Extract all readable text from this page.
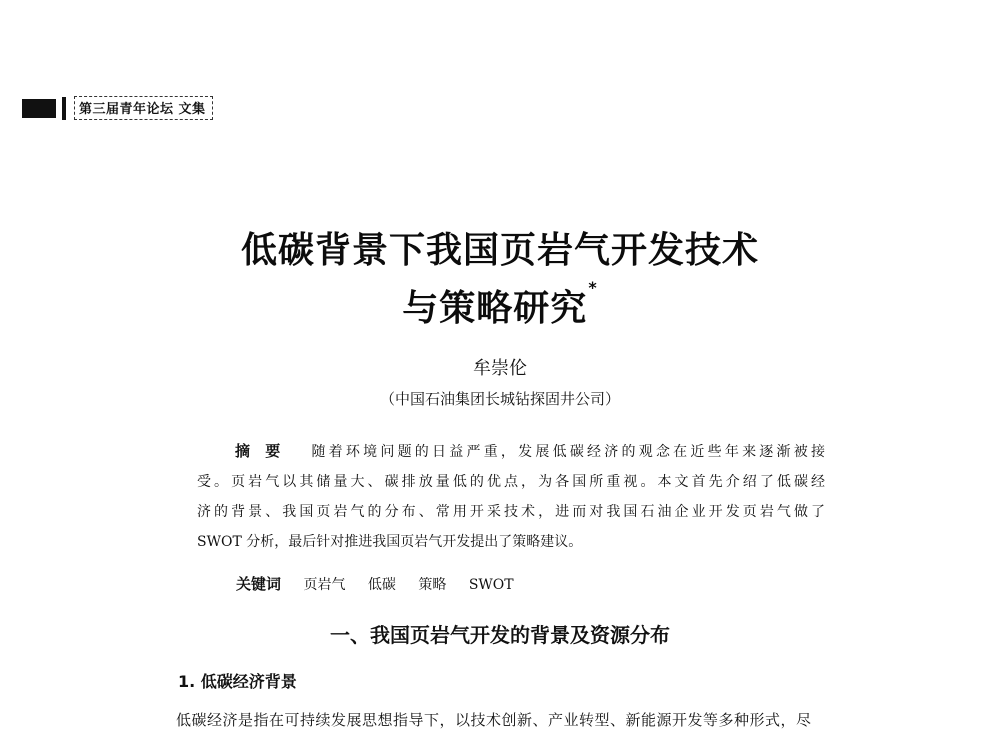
第三届青年论坛 文集
低碳背景下我国页岩气开发技术
与策略研究*
牟崇伦
（中国石油集团长城钻探固井公司）
摘要 随着环境问题的日益严重，发展低碳经济的观念在近些年来逐渐被接
受。页岩气以其储量大、碳排放量低的优点，为各国所重视。本文首先介绍了低碳经
济的背景、我国页岩气的分布、常用开采技术，进而对我国石油企业开发页岩气做了
SWOT 分析，最后针对推进我国页岩气开发提出了策略建议。
关键词 页岩气 低碳 策略 SWOT
一、我国页岩气开发的背景及资源分布
1. 低碳经济背景
低碳经济是指在可持续发展思想指导下，以技术创新、产业转型、新能源开发等多种形式，尽
